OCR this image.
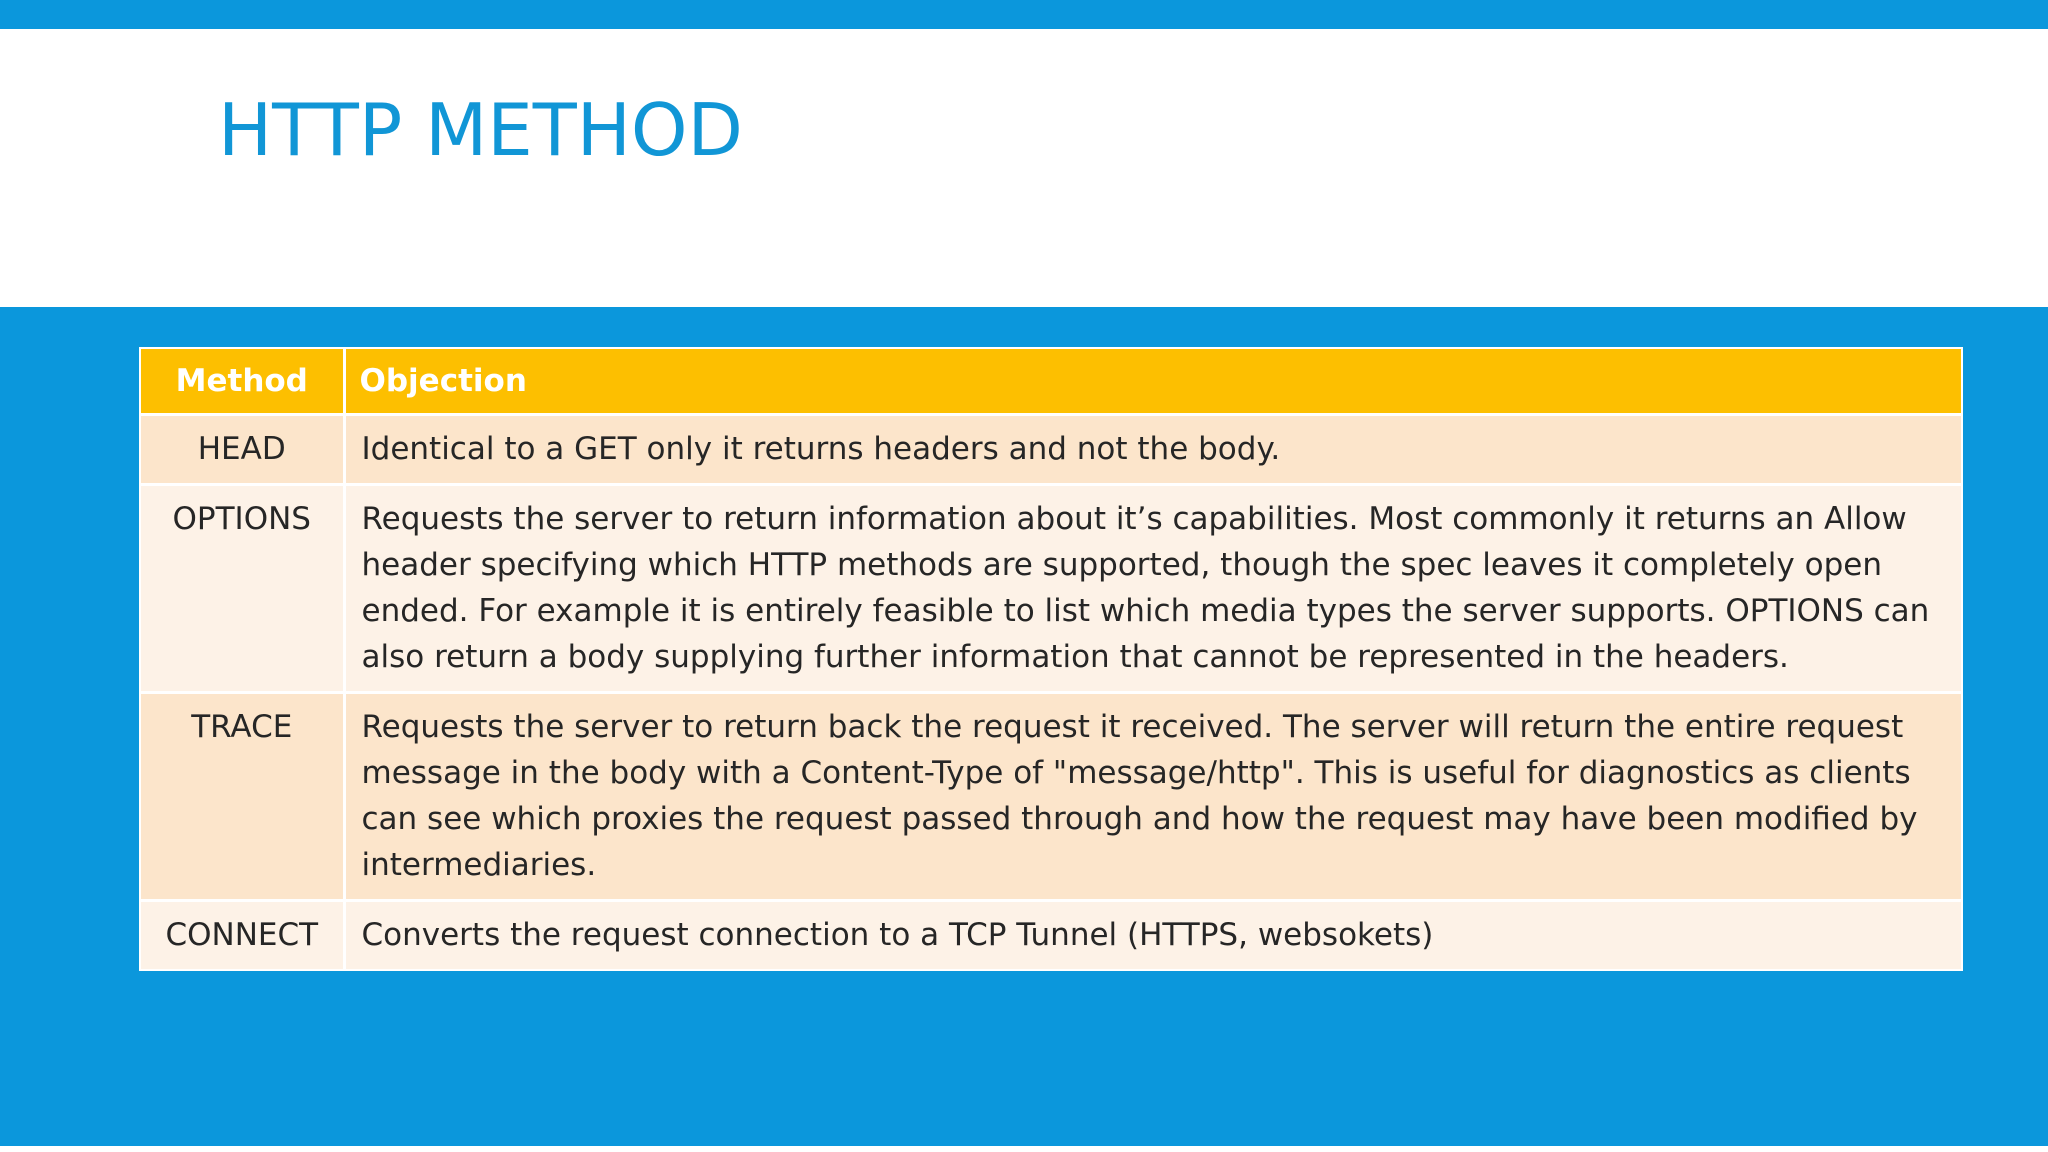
HTTP METHOD
Method	Objection
HEAD	Identical to a GET only it returns headers and not the body.
OPTIONS	Requests the server to return information about it’s capabilities. Most commonly it returns an Allow header specifying which HTTP methods are supported, though the spec leaves it completely open ended. For example it is entirely feasible to list which media types the server supports. OPTIONS can also return a body supplying further information that cannot be represented in the headers.
TRACE	Requests the server to return back the request it received. The server will return the entire request message in the body with a Content-Type of "message/http". This is useful for diagnostics as clients can see which proxies the request passed through and how the request may have been modified by intermediaries.
CONNECT	Converts the request connection to a TCP Tunnel (HTTPS, websokets)
